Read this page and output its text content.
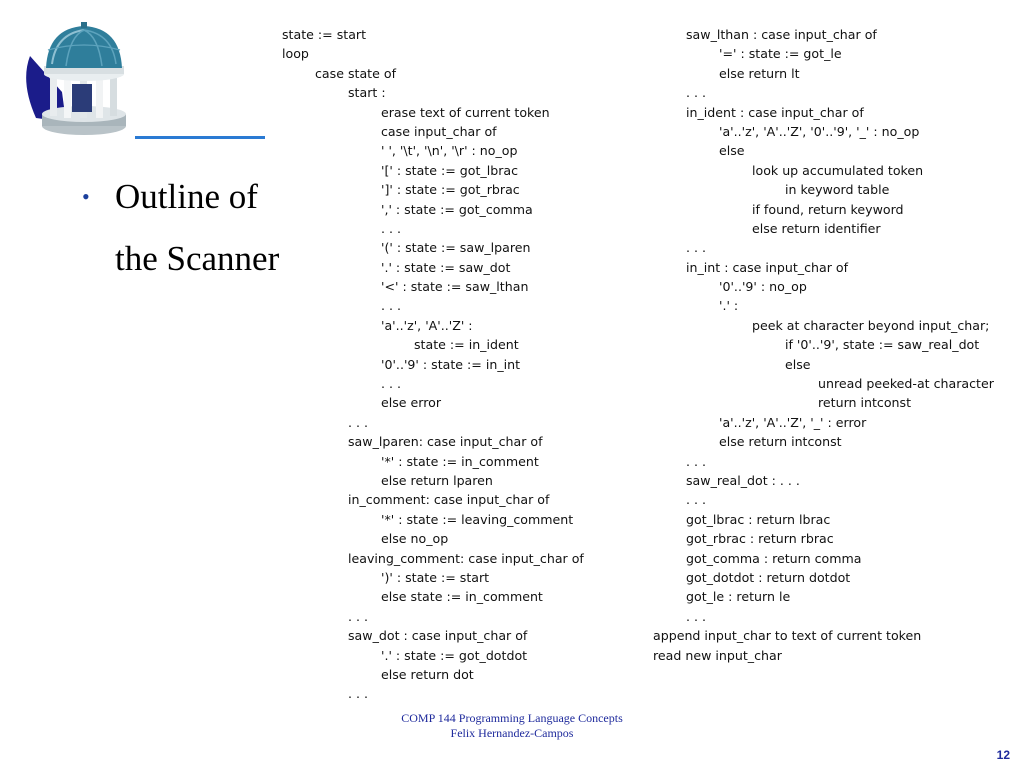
• Outline of
the Scanner
state := start
loop
case state of
start :
erase text of current token
case input_char of
' ', '\t', '\n', '\r' : no_op
'[' : state := got_lbrac
']' : state := got_rbrac
',' : state := got_comma
. . .
'(' : state := saw_lparen
'.' : state := saw_dot
'<' : state := saw_lthan
. . .
'a'..'z', 'A'..'Z' :
state := in_ident
'0'..'9' : state := in_int
. . .
else error
. . .
saw_lparen: case input_char of
'*' : state := in_comment
else return lparen
in_comment: case input_char of
'*' : state := leaving_comment
else no_op
leaving_comment: case input_char of
')' : state := start
else state := in_comment
. . .
saw_dot : case input_char of
'.' : state := got_dotdot
else return dot
. . .
saw_lthan : case input_char of
'=' : state := got_le
else return lt
. . .
in_ident : case input_char of
'a'..'z', 'A'..'Z', '0'..'9', '_' : no_op
else
look up accumulated token
in keyword table
if found, return keyword
else return identifier
. . .
in_int : case input_char of
'0'..'9' : no_op
'.' :
peek at character beyond input_char;
if '0'..'9', state := saw_real_dot
else
unread peeked-at character
return intconst
'a'..'z', 'A'..'Z', '_' : error
else return intconst
. . .
saw_real_dot : . . .
. . .
got_lbrac : return lbrac
got_rbrac : return rbrac
got_comma : return comma
got_dotdot : return dotdot
got_le : return le
. . .
append input_char to text of current token
read new input_char
COMP 144 Programming Language Concepts
Felix Hernandez-Campos
12
